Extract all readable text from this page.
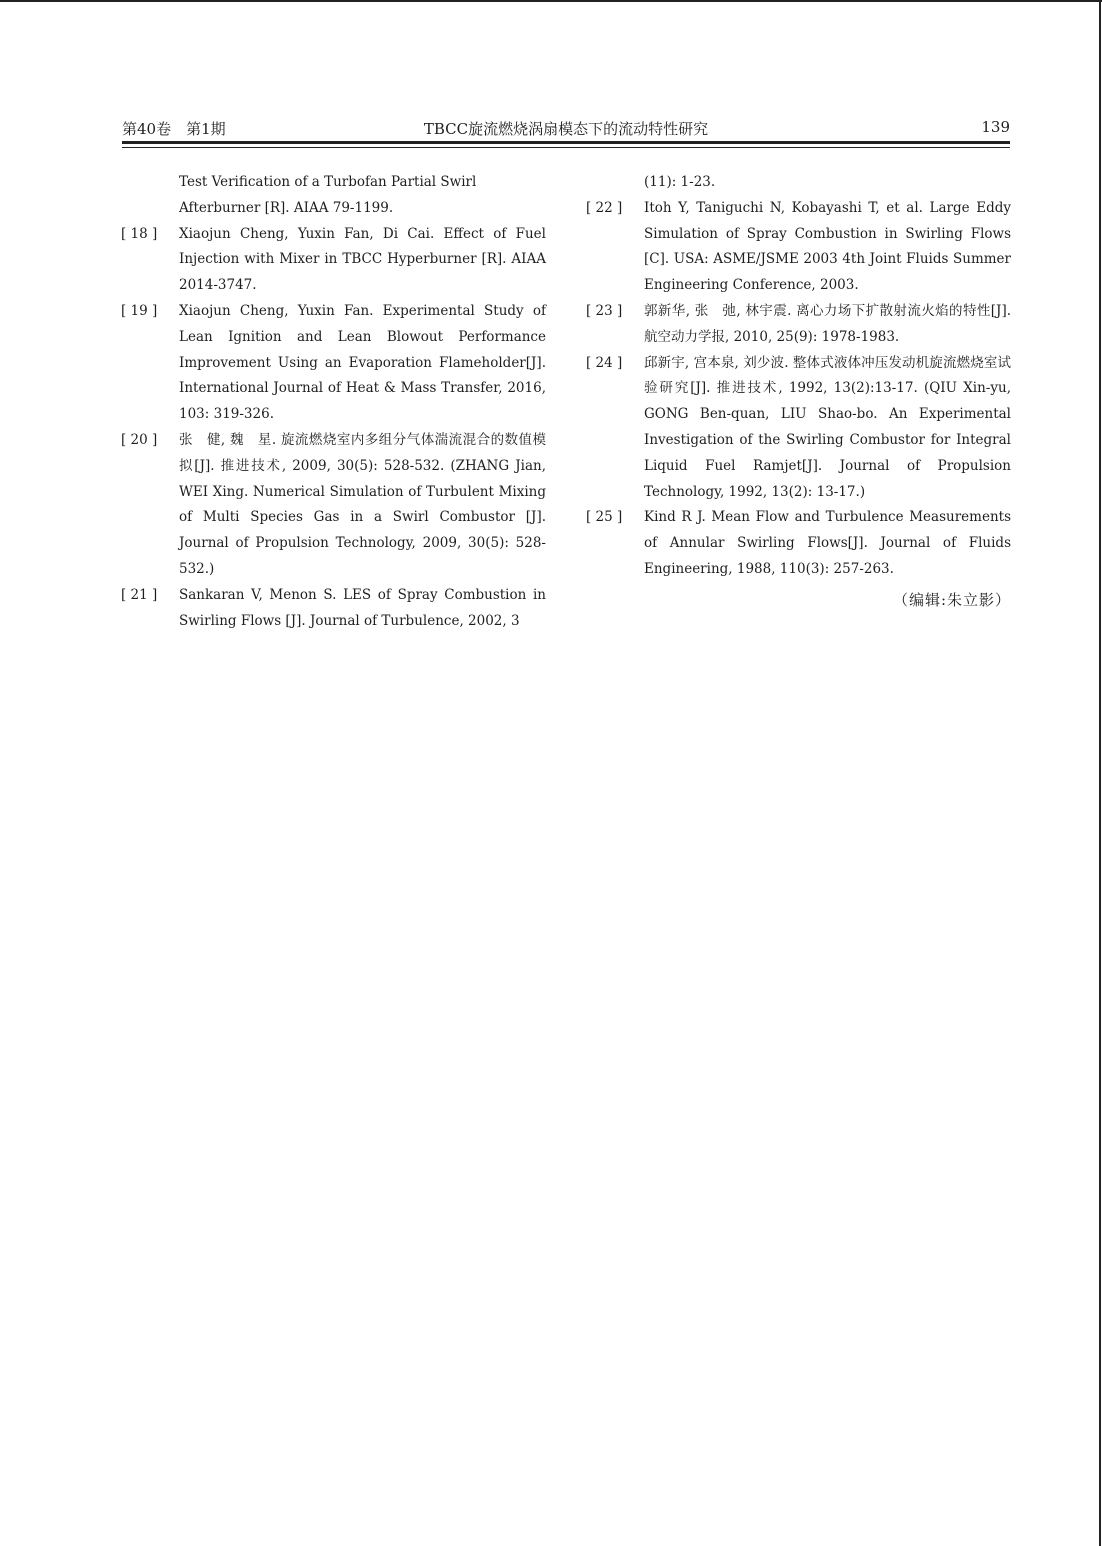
第40卷　第1期	TBCC旋流燃烧涡扇模态下的流动特性研究	139
Test Verification of a Turbofan Partial Swirl Afterburner [R]. AIAA 79-1199.
[ 18 ] Xiaojun Cheng, Yuxin Fan, Di Cai. Effect of Fuel Injection with Mixer in TBCC Hyperburner [R]. AIAA 2014-3747.
[ 19 ] Xiaojun Cheng, Yuxin Fan. Experimental Study of Lean Ignition and Lean Blowout Performance Improvement Using an Evaporation Flameholder[J]. International Journal of Heat & Mass Transfer, 2016, 103: 319-326.
[ 20 ] 张　健, 魏　星. 旋流燃烧室内多组分气体湍流混合的数值模拟[J]. 推进技术, 2009, 30(5): 528-532. (ZHANG Jian, WEI Xing. Numerical Simulation of Turbulent Mixing of Multi Species Gas in a Swirl Combustor [J]. Journal of Propulsion Technology, 2009, 30(5): 528-532.)
[ 21 ] Sankaran V, Menon S. LES of Spray Combustion in Swirling Flows [J]. Journal of Turbulence, 2002, 3
(11): 1-23.
[ 22 ] Itoh Y, Taniguchi N, Kobayashi T, et al. Large Eddy Simulation of Spray Combustion in Swirling Flows [C]. USA: ASME/JSME 2003 4th Joint Fluids Summer Engineering Conference, 2003.
[ 23 ] 郭新华, 张　弛, 林宇震. 离心力场下扩散射流火焰的特性[J]. 航空动力学报, 2010, 25(9): 1978-1983.
[ 24 ] 邱新宇, 宫本泉, 刘少波. 整体式液体冲压发动机旋流燃烧室试验研究[J]. 推进技术, 1992, 13(2):13-17. (QIU Xin-yu, GONG Ben-quan, LIU Shao-bo. An Experimental Investigation of the Swirling Combustor for Integral Liquid Fuel Ramjet[J]. Journal of Propulsion Technology, 1992, 13(2): 13-17.)
[ 25 ] Kind R J. Mean Flow and Turbulence Measurements of Annular Swirling Flows[J]. Journal of Fluids Engineering, 1988, 110(3): 257-263.
（编辑:朱立影）
